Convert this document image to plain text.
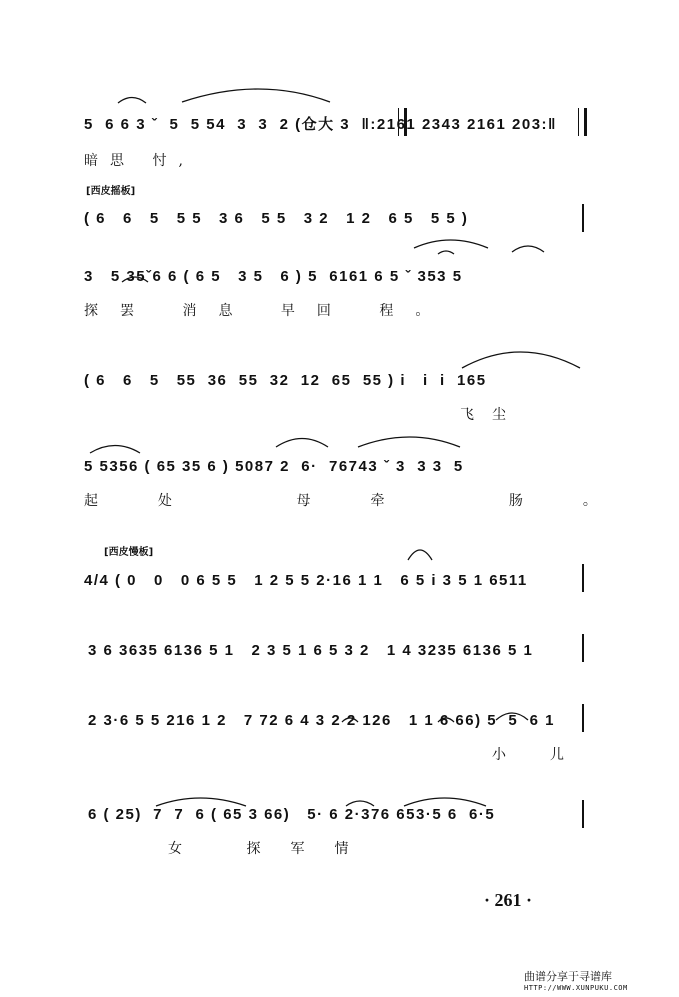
5  6 6 3 ˇ  5  5 54  3  3  2 (仓大 3  ‖:2161 2343 2161 203:‖
暗思 忖,
[西皮摇板]
( 6   6   5   5 5   3 6   5 5   3 2   1 2   6 5   5 5 )
3   5 35ˇ6 6 ( 6 5   3 5   6 ) 5  6161 6 5 ˇ 353 5
探罢 消息 早回 程。
( 6   6   5   55  36  55  32  12  65  55 ) i   i  i  165
飞尘
5 5356 ( 65 35 6 ) 5087 2  6·  76743 ˇ 3  3 3  5
起处 母牵 肠。
[西皮慢板]
4/4 ( 0   0   0 6 5 5   1 2 5 5 2·16 1 1   6 5 i 3 5 1 6511
3 6 3635 6136 5 1   2 3 5 1 6 5 3 2   1 4 3235 6136 5 1
2 3·6 5 5 216 1 2   7 72 6 4 3 2 2 126   1 1 6 66) 5  5  6 1
小儿
6 ( 25)  7  7  6 ( 65 3 66)   5· 6 2·376 653·5 6  6·5
女 探军情
· 261 ·
曲谱分享于寻谱库
HTTP://WWW.XUNPUKU.COM
